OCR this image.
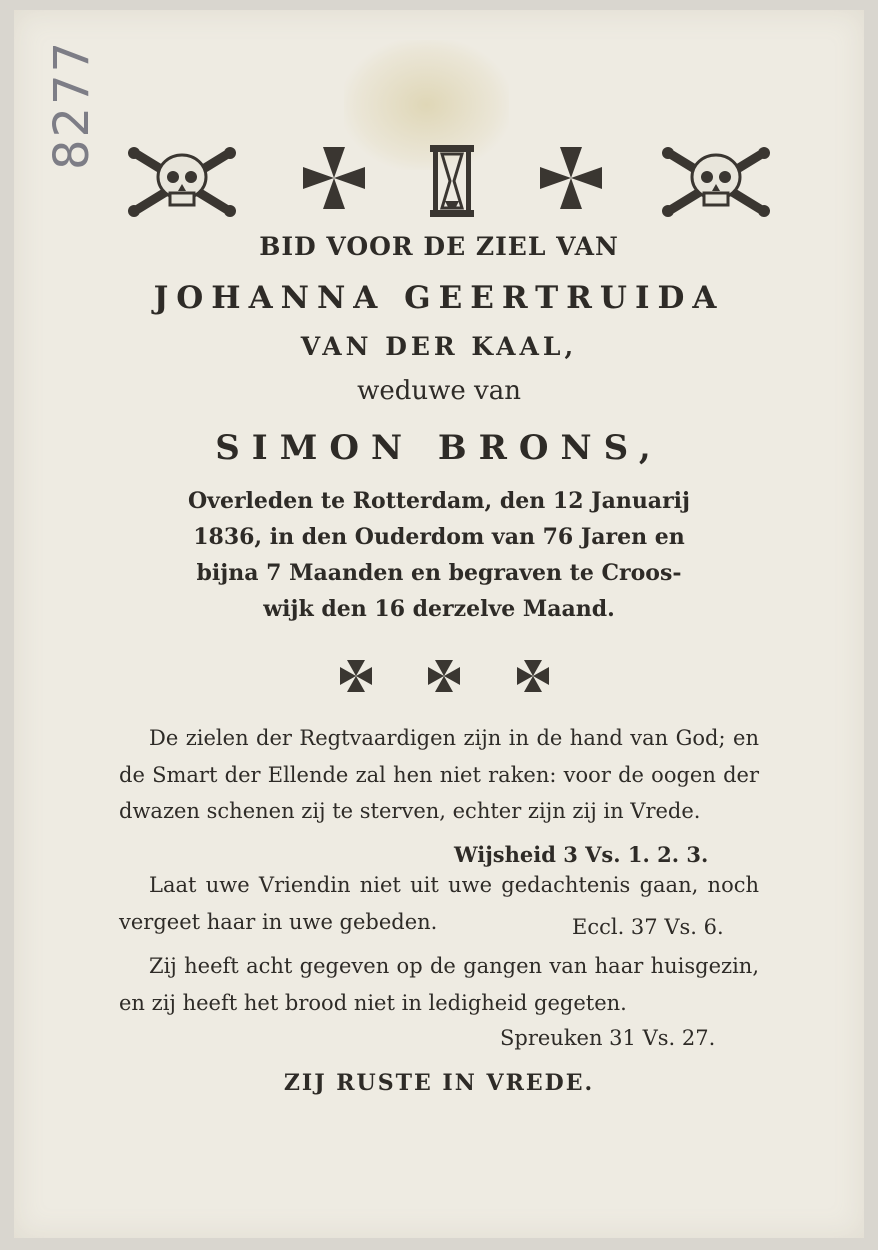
8277
BID VOOR DE ZIEL VAN
JOHANNA GEERTRUIDA
VAN DER KAAL,
weduwe van
SIMON BRONS,
Overleden te Rotterdam, den 12 Januarij
1836, in den Ouderdom van 76 Jaren en
bijna 7 Maanden en begraven te Croos-
wijk den 16 derzelve Maand.

De zielen der Regtvaardigen zijn in de hand van God; en de Smart der Ellende zal hen niet raken: voor de oogen der dwazen schenen zij te sterven, echter zijn zij in Vrede.

Wijsheid 3 Vs. 1. 2. 3.

Laat uwe Vriendin niet uit uwe gedachtenis gaan, noch vergeet haar in uwe gebeden.	Eccl. 37 Vs. 6.

Zij heeft acht gegeven op de gangen van haar huisgezin, en zij heeft het brood niet in ledigheid gegeten.

Spreuken 31 Vs. 27.
ZIJ RUSTE IN VREDE.
